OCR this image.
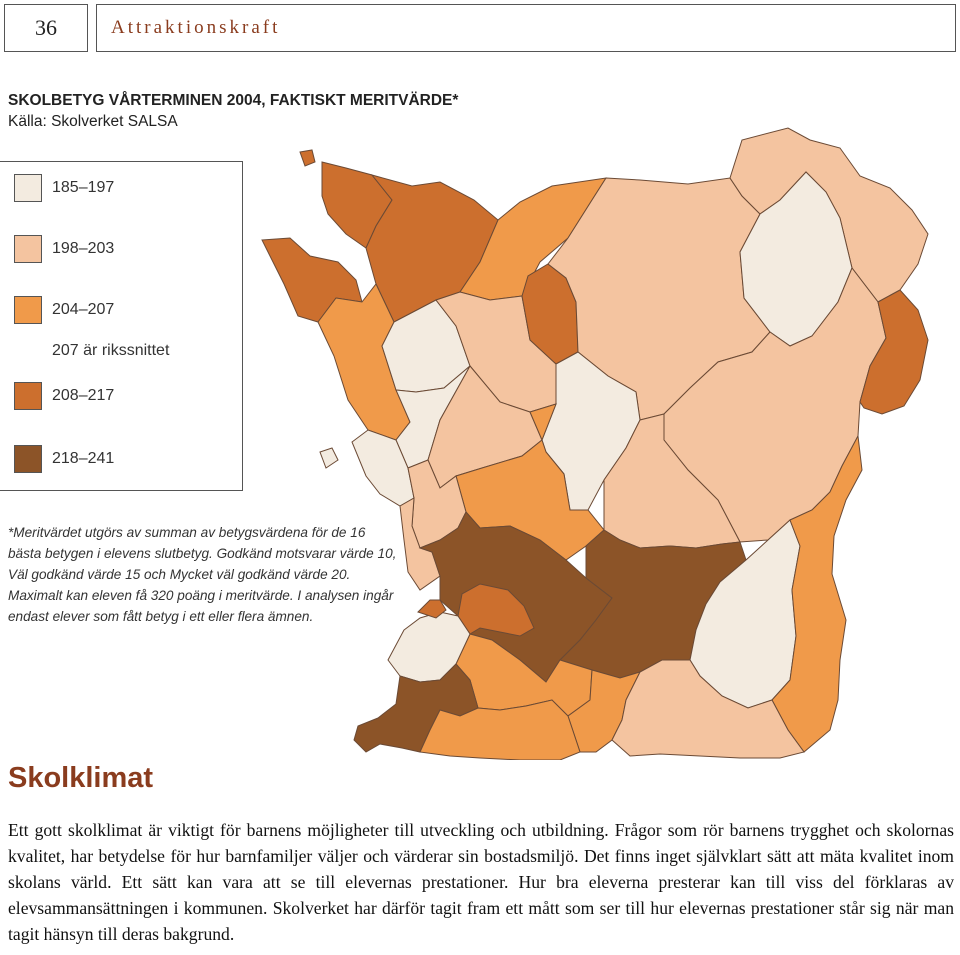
36	Attraktionskraft
SKOLBETYG VÅRTERMINEN 2004, FAKTISKT MERITVÄRDE*
Källa: Skolverket SALSA
185–197
198–203
204–207
207 är rikssnittet
208–217
218–241
*Meritvärdet utgörs av summan av betygsvärdena för de 16 bästa betygen i elevens slutbetyg. Godkänd motsvarar värde 10, Väl godkänd värde 15 och Mycket väl godkänd värde 20. Maximalt kan eleven få 320 poäng i meritvärde. I analysen ingår endast elever som fått betyg i ett eller flera ämnen.
Skolklimat
Ett gott skolklimat är viktigt för barnens möjligheter till utveckling och utbildning. Frågor som rör barnens trygghet och skolornas kvalitet, har betydelse för hur barnfamiljer väljer och värderar sin bostadsmiljö. Det finns inget självklart sätt att mäta kvalitet inom skolans värld. Ett sätt kan vara att se till elevernas prestationer. Hur bra eleverna presterar kan till viss del förklaras av elevsammansättningen i kommunen. Skolverket har därför tagit fram ett mått som ser till hur elevernas prestationer står sig när man tagit hänsyn till deras bakgrund.
